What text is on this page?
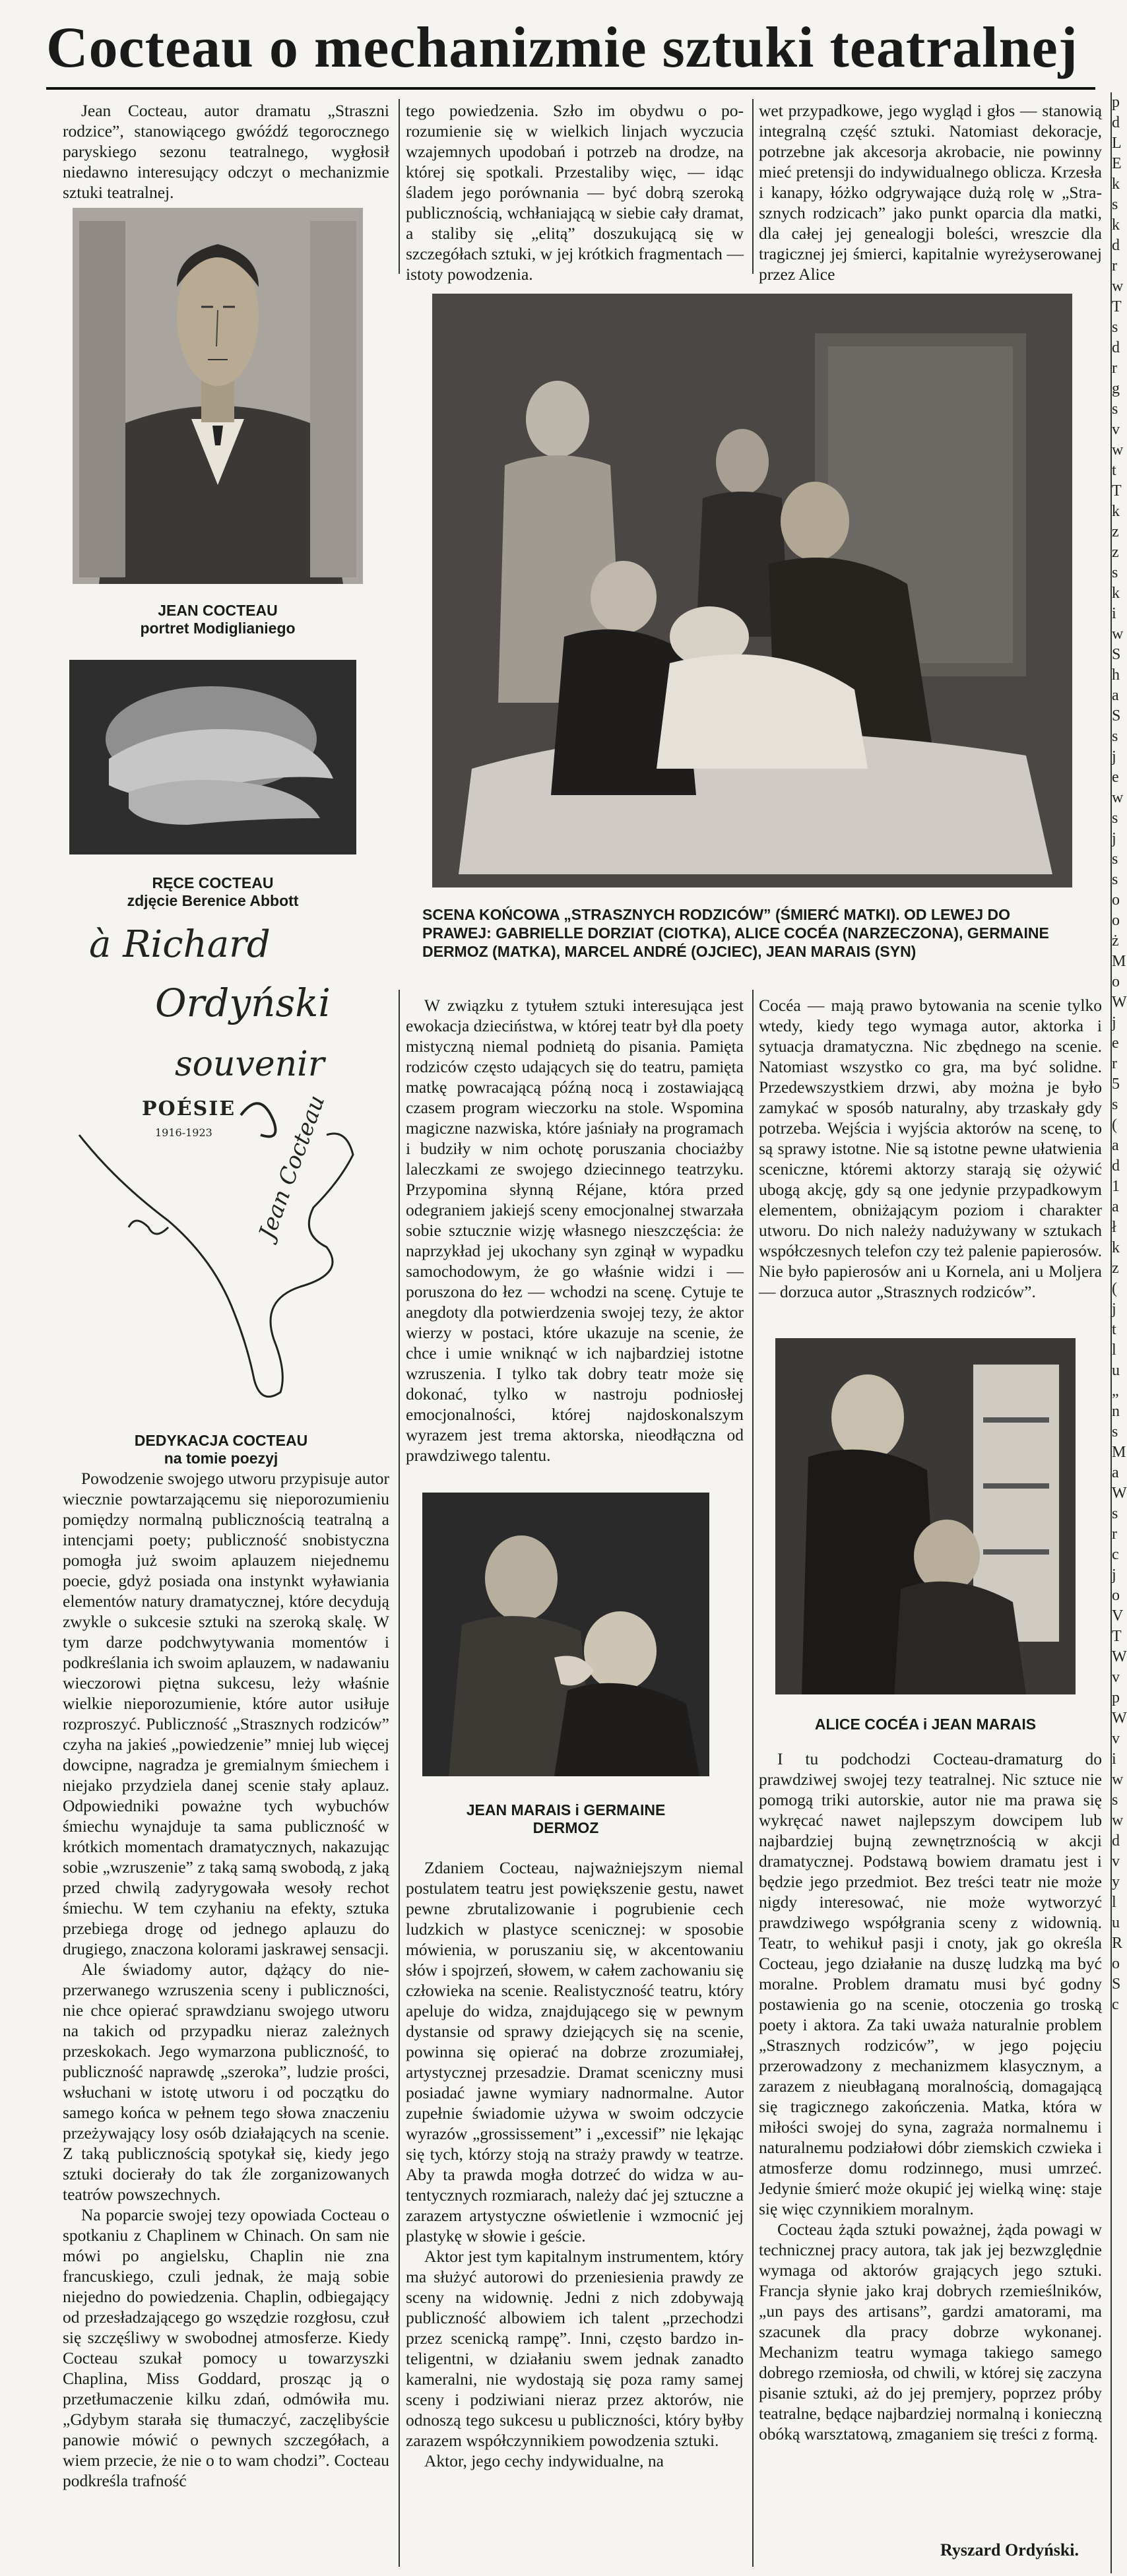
Cocteau o mechanizmie sztuki teatralnej

Jean Cocteau, autor dramatu „Straszni rodzice”, stanowiącego gwóźdź tegorocznego paryskiego sezonu teatralnego, wygłosił niedawno interesujący odczyt o mechanizmie sztuki teatralnej.

JEAN COCTEAU
portret Modiglianiego
RĘCE COCTEAU
zdjęcie Berenice Abbott
à Richard
Ordyński
souvenir
POÉSIE
1916-1923 Jean Cocteau
DEDYKACJA COCTEAU
na tomie poezyj

Powodzenie swojego utworu przypisuje autor wiecznie powtarzającemu się nieporozumieniu pomiędzy normalną publicznością teatralną a intencjami poety; publiczność snobistyczna pomogła już swoim aplauzem niejednemu poecie, gdyż posiada ona instynkt wyławiania elementów natury dramatycznej, które decydują zwykle o sukcesie sztuki na szeroką skalę. W tym darze podchwytywania momentów i podkreślania ich swoim aplauzem, w nadawaniu wieczorowi piętna sukcesu, leży właśnie wielkie nieporozumienie, które autor usiłuje rozproszyć. Publiczność „Strasznych rodziców” czyha na jakieś „powiedzenie” mniej lub więcej dowcipne, nagradza je gremialnym śmiechem i niejako przydziela danej scenie stały aplauz. Odpowiedniki poważne tych wybuchów śmiechu wynajduje ta sama publiczność w krótkich momentach dramatycznych, nakazując sobie „wzruszenie” z taką samą swobodą, z jaką przed chwilą zadyrygowała wesoły rechot śmiechu. W tem czyhaniu na efekty, sztuka przebiega drogę od jednego aplauzu do drugiego, znaczona kolorami jaskrawej sensacji.

Ale świadomy autor, dążący do nieprzerwanego wzruszenia sceny i publiczności, nie chce opierać sprawdzianu swojego utworu na takich od przypadku nieraz zależnych przeskokach. Jego wymarzona publiczność, to publiczność naprawdę „szeroka”, ludzie prości, wsłuchani w istotę utworu i od początku do samego końca w pełnem tego słowa znaczeniu przeżywający losy osób działających na scenie. Z taką publicznością spotykał się, kiedy jego sztuki docierały do tak źle zorganizowanych teatrów powszechnych.

Na poparcie swojej tezy opowiada Cocteau o spotkaniu z Chaplinem w Chinach. On sam nie mówi po angielsku, Chaplin nie zna francuskiego, czuli jednak, że mają sobie niejedno do powiedzenia. Chaplin, odbiegający od przesładzającego go wszędzie rozgłosu, czuł się szczęśliwy w swobodnej atmosferze. Kiedy Cocteau szukał pomocy u towarzyszki Chaplina, Miss Goddard, prosząc ją o przetłumaczenie kilku zdań, odmówiła mu. „Gdybym starała się tłumaczyć, zaczęlibyście panowie mówić o pewnych szczegółach, a wiem przecie, że nie o to wam chodzi”. Cocteau podkreśla trafność

tego powiedzenia. Szło im obydwu o porozumienie się w wielkich linjach wyczucia wzajemnych upodobań i potrzeb na drodze, na której się spotkali. Przestaliby więc, — idąc śladem jego porównania — być dobrą szeroką publicznością, wchłaniającą w siebie cały dramat, a staliby się „elitą” doszukującą się w szczegółach sztuki, w jej krótkich fragmentach — istoty powodzenia.

wet przypadkowe, jego wygląd i głos — stanowią integralną część sztuki. Natomiast dekoracje, potrzebne jak akcesorja akrobacie, nie powinny mieć pretensji do indywidualnego oblicza. Krzesła i kanapy, łóżko odgrywające dużą rolę w „Strasznych rodzicach” jako punkt oparcia dla matki, dla całej jej genealogji boleści, wreszcie dla tragicznej jej śmierci, kapitalnie wyreżyserowanej przez Alice

SCENA KOŃCOWA „STRASZNYCH RODZICÓW” (ŚMIERĆ MATKI). OD LEWEJ DO PRAWEJ: GABRIELLE DORZIAT (CIOTKA), ALICE COCÉA (NARZECZONA), GERMAINE DERMOZ (MATKA), MARCEL ANDRÉ (OJCIEC), JEAN MARAIS (SYN)

W związku z tytułem sztuki interesująca jest ewokacja dzieciństwa, w której teatr był dla poety mistyczną niemal podnietą do pisania. Pamięta rodziców często udających się do teatru, pamięta matkę powracającą późną nocą i zostawiającą czasem program wieczorku na stole. Wspomina magiczne nazwiska, które jaśniały na programach i budziły w nim ochotę poruszania chociażby laleczkami ze swojego dziecinnego teatrzyku. Przypomina słynną Réjane, która przed odegraniem jakiejś sceny emocjonalnej stwarzała sobie sztucznie wizję własnego nieszczęścia: że naprzykład jej ukochany syn zginął w wypadku samochodowym, że go właśnie widzi i — poruszona do łez — wchodzi na scenę. Cytuje te anegdoty dla potwierdzenia swojej tezy, że aktor wierzy w postaci, które ukazuje na scenie, że chce i umie wniknąć w ich najbardziej istotne wzruszenia. I tylko tak dobry teatr może się dokonać, tylko w nastroju podniosłej emocjonalności, której najdoskonalszym wyrazem jest trema aktorska, nieodłączna od prawdziwego talentu.

Cocéa — mają prawo bytowania na scenie tylko wtedy, kiedy tego wymaga autor, aktorka i sytuacja dramatyczna. Nic zbędnego na scenie. Natomiast wszystko co gra, ma być solidne. Przedewszystkiem drzwi, aby można je było zamykać w sposób naturalny, aby trzaskały gdy potrzeba. Wejścia i wyjścia aktorów na scenę, to są sprawy istotne. Nie są istotne pewne ułatwienia sceniczne, któremi aktorzy starają się ożywić ubogą akcję, gdy są one jedynie przypadkowym elementem, obniżającym poziom i charakter utworu. Do nich należy nadużywany w sztukach współczesnych telefon czy też palenie papierosów. Nie było papierosów ani u Kornela, ani u Moljera — dorzuca autor „Strasznych rodziców”.

JEAN MARAIS i GERMAINE
DERMOZ

Zdaniem Cocteau, najważniejszym niemal postulatem teatru jest powiększenie gestu, nawet pewne zbrutalizowanie i pogrubienie cech ludzkich w plastyce scenicznej: w sposobie mówienia, w poruszaniu się, w akcentowaniu słów i spojrzeń, słowem, w całem zachowaniu się człowieka na scenie. Realistyczność teatru, który apeluje do widza, znajdującego się w pewnym dystansie od sprawy dziejących się na scenie, powinna się opierać na dobrze zrozumiałej, artystycznej przesadzie. Dramat sceniczny musi posiadać jawne wymiary nadnormalne. Autor zupełnie świadomie używa w swoim odczycie wyrazów „grossissement” i „excessif” nie lękając się tych, którzy stoją na straży prawdy w teatrze. Aby ta prawda mogła dotrzeć do widza w autentycznych rozmiarach, należy dać jej sztuczne a zarazem artystyczne oświetlenie i wzmocnić jej plastykę w słowie i geście.

Aktor jest tym kapitalnym instrumentem, który ma służyć autorowi do przeniesienia prawdy ze sceny na widownię. Jedni z nich zdobywają publiczność albowiem ich talent „przechodzi przez scenicką rampę”. Inni, często bardzo inteligentni, w działaniu swem jednak zanadto kameralni, nie wydostają się poza ramy samej sceny i podziwiani nieraz przez aktorów, nie odnoszą tego sukcesu u publiczności, który byłby zarazem współczynnikiem powodzenia sztuki.

Aktor, jego cechy indywidualne, na

ALICE COCÉA i JEAN MARAIS

I tu podchodzi Cocteau-dramaturg do prawdziwej swojej tezy teatralnej. Nic sztuce nie pomogą triki autorskie, autor nie ma prawa się wykręcać nawet najlepszym dowcipem lub najbardziej bujną zewnętrznością w akcji dramatycznej. Podstawą bowiem dramatu jest i będzie jego przedmiot. Bez treści teatr nie może nigdy interesować, nie może wytworzyć prawdziwego współgrania sceny z widownią. Teatr, to wehikuł pasji i cnoty, jak go określa Cocteau, jego działanie na duszę ludzką ma być moralne. Problem dramatu musi być godny postawienia go na scenie, otoczenia go troską poety i aktora. Za taki uważa naturalnie problem „Strasznych rodziców”, w jego pojęciu przerowadzony z mechanizmem klasycznym, a zarazem z nieubłaganą moralnością, domagającą się tragicznego zakończenia. Matka, która w miłości swojej do syna, zagraża normalnemu i naturalnemu podziałowi dóbr ziemskich czwieka i atmosferze domu rodzinnego, musi umrzeć. Jedynie śmierć może okupić jej wielką winę: staje się więc czynnikiem moralnym.

Cocteau żąda sztuki poważnej, żąda powagi w technicznej pracy autora, tak jak jej bezwzględnie wymaga od aktorów grających jego sztuki. Francja słynie jako kraj dobrych rzemieślników, „un pays des artisans”, gardzi amatorami, ma szacunek dla pracy dobrze wykonanej. Mechanizm teatru wymaga takiego samego dobrego rzemiosła, od chwili, w której się zaczyna pisanie sztuki, aż do jej premjery, poprzez próby teatralne, będące najbardziej normalną i konieczną obóką warsztatową, zmaganiem się treści z formą.

Ryszard Ordyński.
p d L E k s k d r w T s d r g s v w t T k z z s k i w S h a S s j e w s j s s o o ż M o W j e r 5 s ( a d 1 a ł k z ( j t l u „ n s M a W s r c j o V T W v p W v i w s w d v y l u R o S c
